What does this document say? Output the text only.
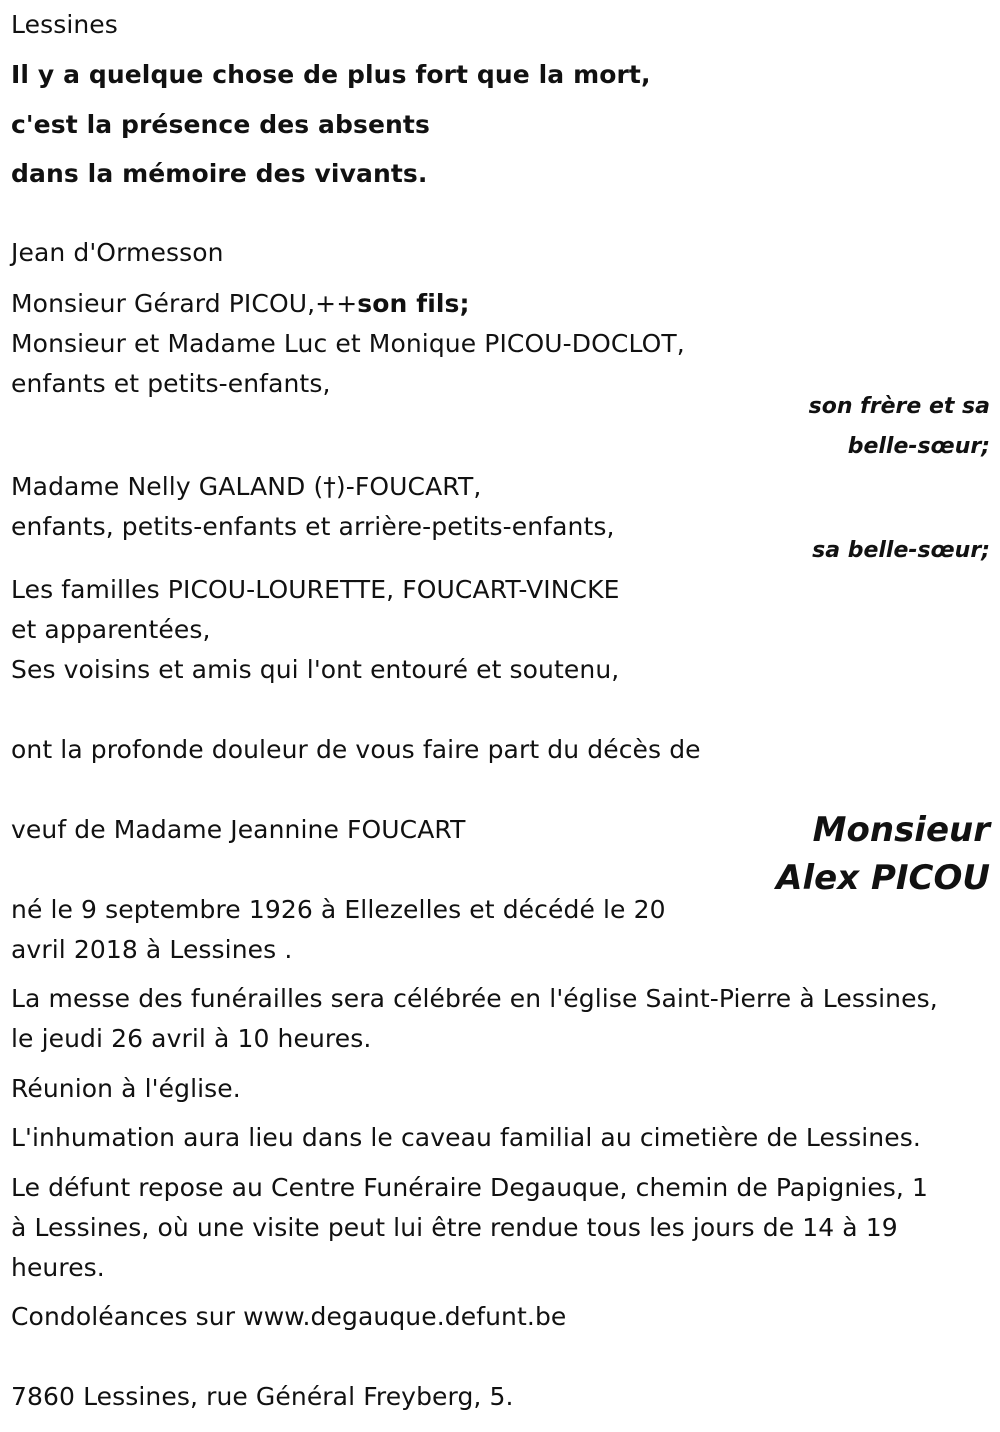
Lessines
Il y a quelque chose de plus fort que la mort,
c'est la présence des absents
dans la mémoire des vivants.
Jean d'Ormesson
Monsieur Gérard PICOU,++son fils;
Monsieur et Madame Luc et Monique PICOU-DOCLOT,
enfants et petits-enfants,
son frère et sa
belle-sœur;
Madame Nelly GALAND (†)-FOUCART,
enfants, petits-enfants et arrière-petits-enfants,
sa belle-sœur;
Les familles PICOU-LOURETTE, FOUCART-VINCKE
et apparentées,
Ses voisins et amis qui l'ont entouré et soutenu,
ont la profonde douleur de vous faire part du décès de
veuf de Madame Jeannine FOUCART	Monsieur
Alex PICOU
né le 9 septembre 1926 à Ellezelles et décédé le 20
avril 2018 à Lessines .
La messe des funérailles sera célébrée en l'église Saint-Pierre à Lessines,
le jeudi 26 avril à 10 heures.
Réunion à l'église.
L'inhumation aura lieu dans le caveau familial au cimetière de Lessines.
Le défunt repose au Centre Funéraire Degauque, chemin de Papignies, 1
à Lessines, où une visite peut lui être rendue tous les jours de 14 à 19
heures.
Condoléances sur www.degauque.defunt.be
7860 Lessines, rue Général Freyberg, 5.
